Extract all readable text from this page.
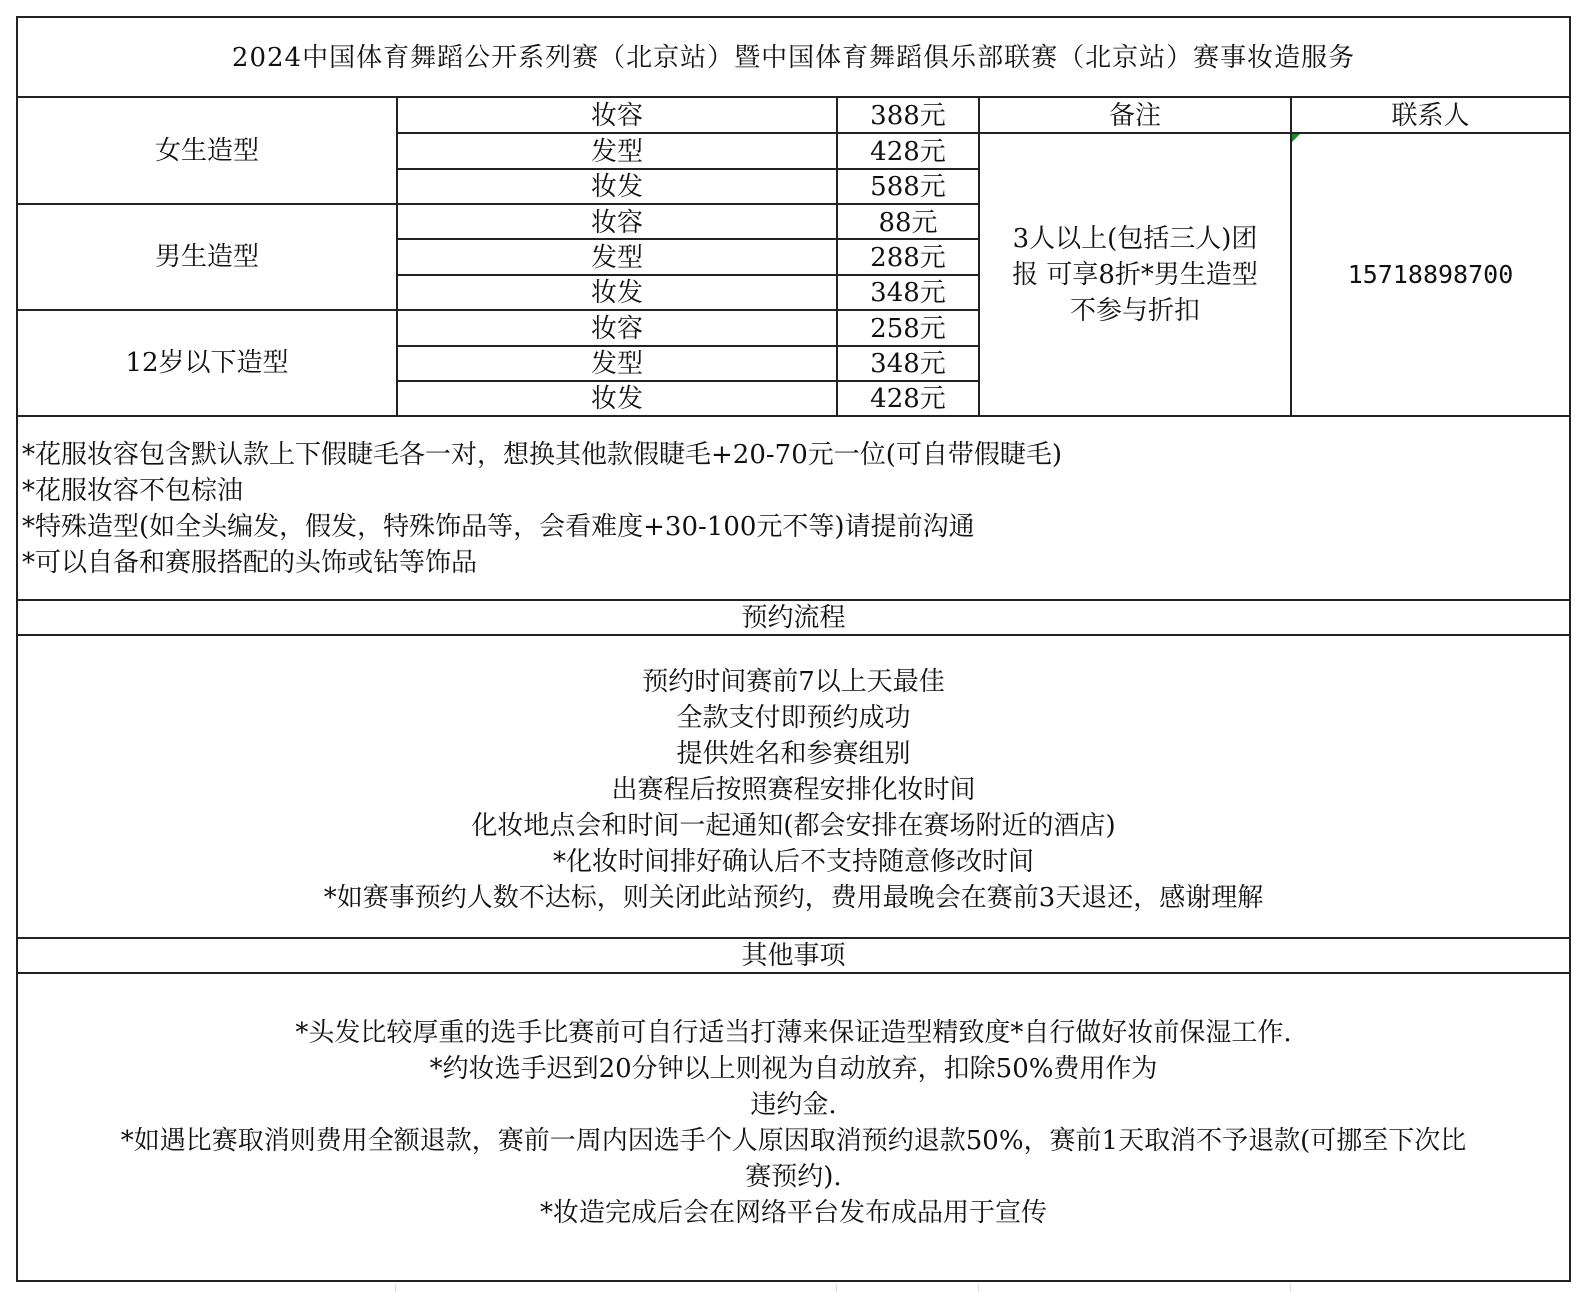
2024中国体育舞蹈公开系列赛（北京站）暨中国体育舞蹈俱乐部联赛（北京站）赛事妆造服务
女生造型
男生造型
12岁以下造型
妆容
发型
妆发
妆容
发型
妆发
妆容
发型
妆发
388元
428元
588元
88元
288元
348元
258元
348元
428元
备注	联系人
3人以上(包括三人)团
报 可享8折*男生造型
不参与折扣
15718898700
*花服妆容包含默认款上下假睫毛各一对，想换其他款假睫毛+20-70元一位(可自带假睫毛)
*花服妆容不包棕油
*特殊造型(如全头编发，假发，特殊饰品等，会看难度+30-100元不等)请提前沟通
*可以自备和赛服搭配的头饰或钻等饰品
预约流程
预约时间赛前7以上天最佳
全款支付即预约成功
提供姓名和参赛组别
出赛程后按照赛程安排化妆时间
化妆地点会和时间一起通知(都会安排在赛场附近的酒店)
*化妆时间排好确认后不支持随意修改时间
*如赛事预约人数不达标，则关闭此站预约，费用最晚会在赛前3天退还，感谢理解
其他事项
*头发比较厚重的选手比赛前可自行适当打薄来保证造型精致度*自行做好妆前保湿工作.
*约妆选手迟到20分钟以上则视为自动放弃，扣除50%费用作为
违约金.
*如遇比赛取消则费用全额退款，赛前一周内因选手个人原因取消预约退款50%，赛前1天取消不予退款(可挪至下次比
赛预约).
*妆造完成后会在网络平台发布成品用于宣传
